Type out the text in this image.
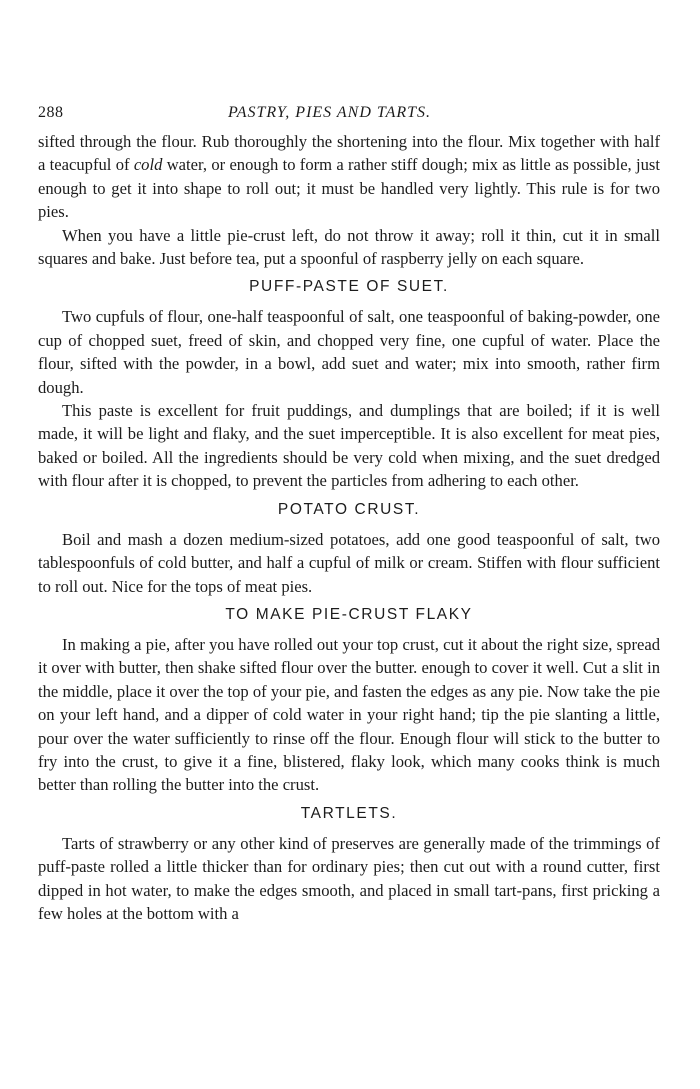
288	PASTRY, PIES AND TARTS.

sifted through the flour. Rub thoroughly the shortening into the flour. Mix together with half a teacupful of cold water, or enough to form a rather stiff dough; mix as little as possible, just enough to get it into shape to roll out; it must be handled very lightly. This rule is for two pies.

When you have a little pie-crust left, do not throw it away; roll it thin, cut it in small squares and bake. Just before tea, put a spoonful of raspberry jelly on each square.

PUFF-PASTE OF SUET.

Two cupfuls of flour, one-half teaspoonful of salt, one teaspoonful of baking-powder, one cup of chopped suet, freed of skin, and chopped very fine, one cupful of water. Place the flour, sifted with the powder, in a bowl, add suet and water; mix into smooth, rather firm dough.

This paste is excellent for fruit puddings, and dumplings that are boiled; if it is well made, it will be light and flaky, and the suet imperceptible. It is also excellent for meat pies, baked or boiled. All the ingredients should be very cold when mixing, and the suet dredged with flour after it is chopped, to prevent the particles from adhering to each other.

POTATO CRUST.

Boil and mash a dozen medium-sized potatoes, add one good teaspoonful of salt, two tablespoonfuls of cold butter, and half a cupful of milk or cream. Stiffen with flour sufficient to roll out. Nice for the tops of meat pies.

TO MAKE PIE-CRUST FLAKY

In making a pie, after you have rolled out your top crust, cut it about the right size, spread it over with butter, then shake sifted flour over the butter. enough to cover it well. Cut a slit in the middle, place it over the top of your pie, and fasten the edges as any pie. Now take the pie on your left hand, and a dipper of cold water in your right hand; tip the pie slanting a little, pour over the water sufficiently to rinse off the flour. Enough flour will stick to the butter to fry into the crust, to give it a fine, blistered, flaky look, which many cooks think is much better than rolling the butter into the crust.

TARTLETS.

Tarts of strawberry or any other kind of preserves are generally made of the trimmings of puff-paste rolled a little thicker than for ordinary pies; then cut out with a round cutter, first dipped in hot water, to make the edges smooth, and placed in small tart-pans, first pricking a few holes at the bottom with a
